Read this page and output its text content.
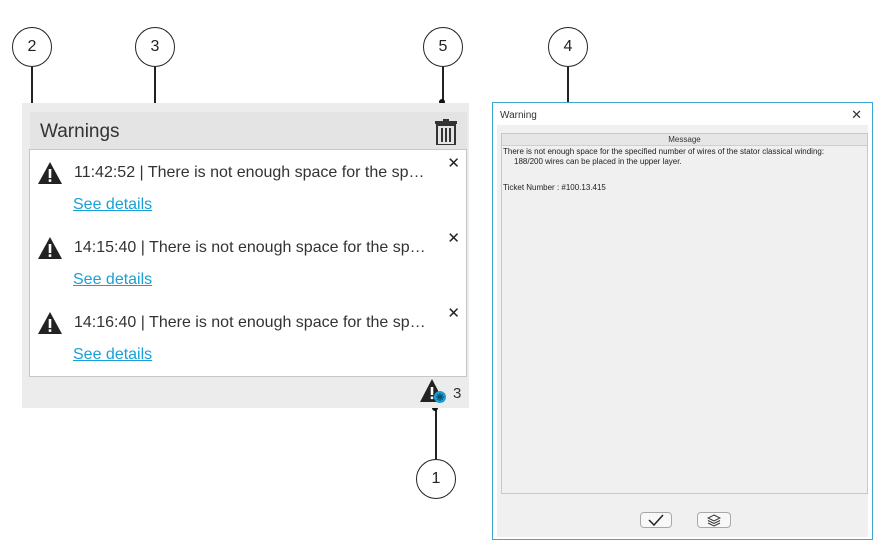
2	3	5	4
1
Warnings
11:42:52 | There is not enough space for the sp…
✕
See details
14:15:40 | There is not enough space for the sp…
✕
See details
14:16:40 | There is not enough space for the sp…
✕
See details
3
Warning	✕
Message
There is not enough space for the specified number of wires of the stator classical winding:
188/200 wires can be placed in the upper layer.
Ticket Number : #100.13.415
